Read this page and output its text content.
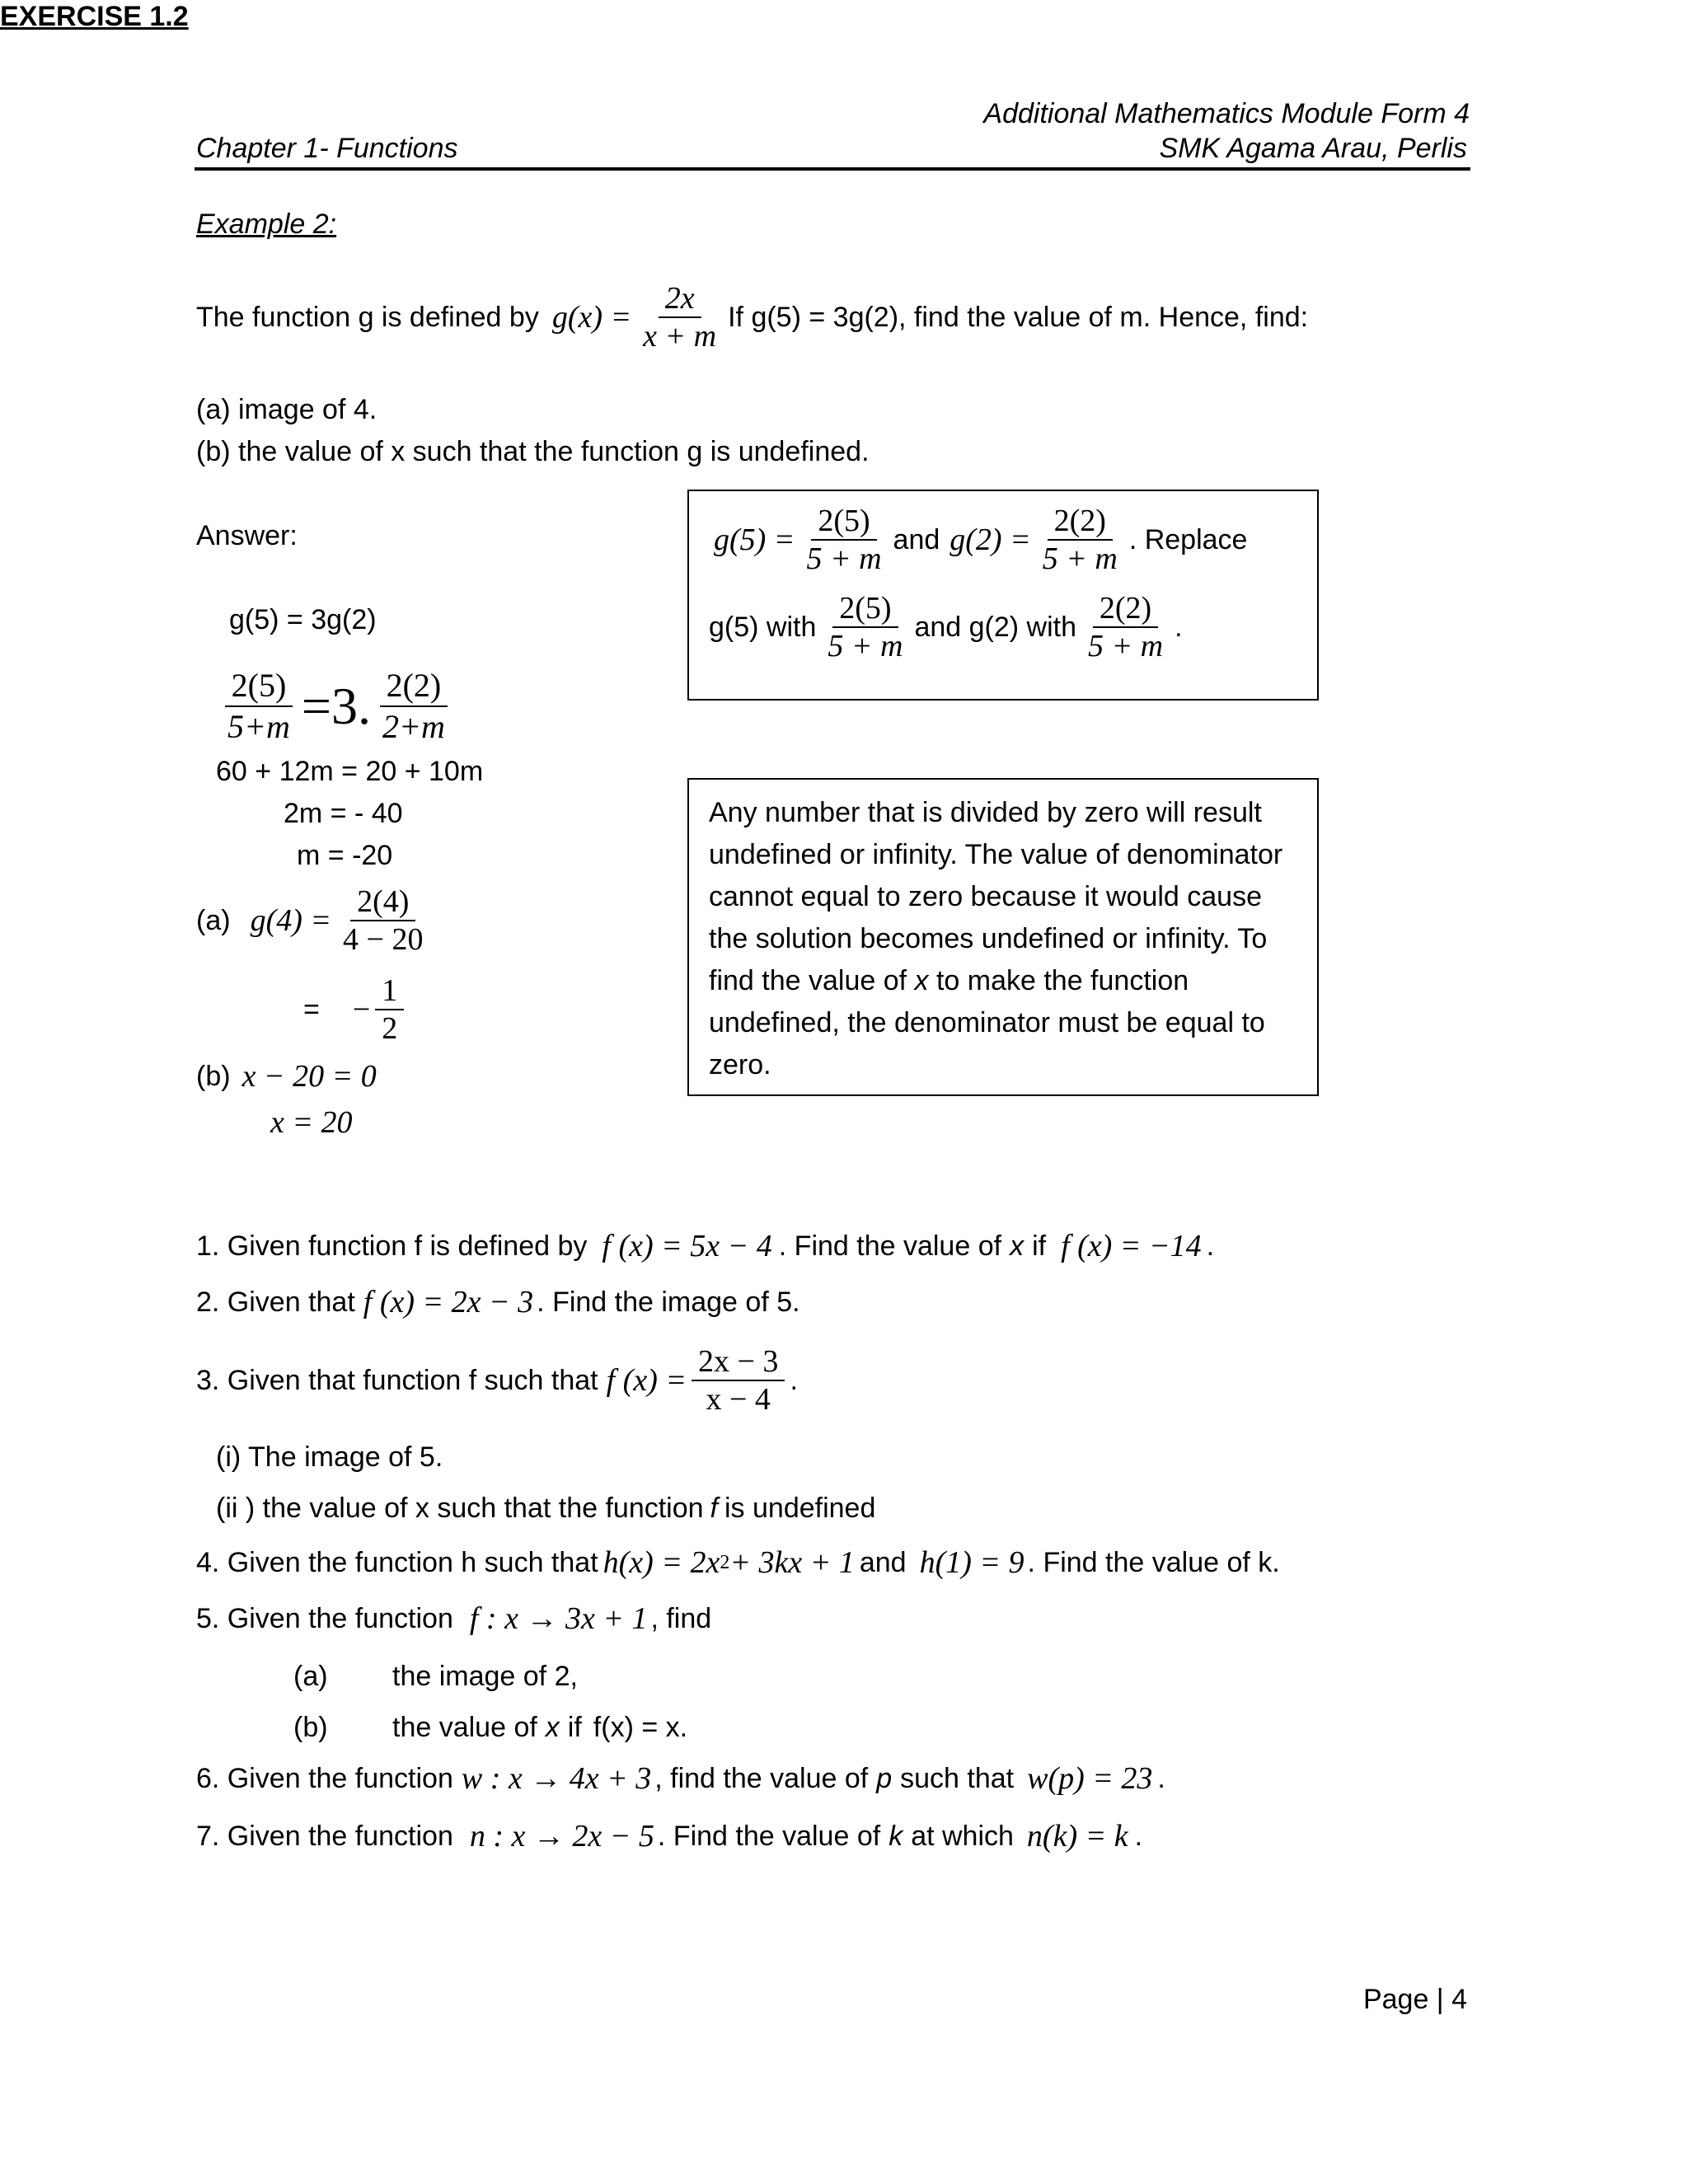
Additional Mathematics Module Form 4
Chapter 1- Functions	SMK Agama Arau, Perlis
Example 2:
The function g is defined by $g(x) = \frac{2x}{x + m}$ If g(5) = 3g(2), find the value of m. Hence, find:
(a) image of 4.
(b) the value of x such that the function g is undefined.
Answer:
g(5) = 3g(2)
$\frac{2(5)}{5+m} =3$. $\frac{2(2)}{2+m}$
60 + 12m = 20 + 10m
2m = - 40
m = -20
(a) $g(4) = \frac{2(4)}{4 - 20}$
= − $\frac{1}{2}$
(b) x − 20 = 0
x = 20
$g(5) = \frac{2(5)}{5 + m}$ and $g(2) = \frac{2(2)}{5 + m}$ . Replace
g(5) with $\frac{2(5)}{5 + m}$ and g(2) with $\frac{2(2)}{5 + m}$ .
Any number that is divided by zero will result
undefined or infinity. The value of denominator
cannot equal to zero because it would cause
the solution becomes undefined or infinity. To
find the value of x to make the function
undefined, the denominator must be equal to
zero.
EXERCISE 1.2
1. Given function f is defined by f (x) = 5x − 4 . Find the value of x if f (x) = −14 .
2. Given that f (x) = 2x − 3 . Find the image of 5.
3. Given that function f such that f $(x) = \frac{2x - 3}{x - 4}$ .
(i) The image of 5.
(ii ) the value of x such that the function f is undefined
4. Given the function h such that h(x) = 2x 2 + 3kx + 1 and h(1) = 9 . Find the value of k.
5. Given the function f : x → 3x + 1 , find
(a) the image of 2,
(b) the value of x if f(x) = x.
6. Given the function w : x → 4x + 3 , find the value of p such that w(p) = 23 .
7. Given the function n : x → 2x − 5 . Find the value of k at which n(k) = k .
Page | 4
